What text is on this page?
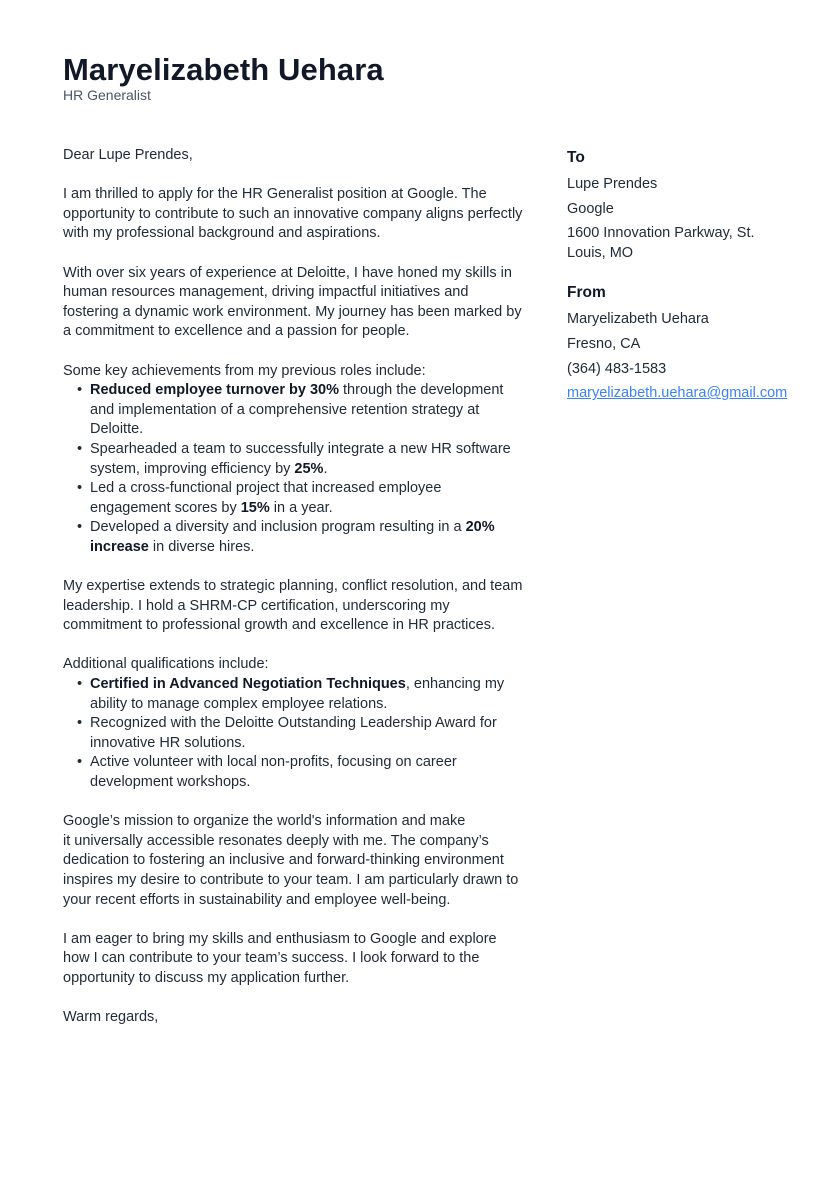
Maryelizabeth Uehara
HR Generalist

Dear Lupe Prendes,

I am thrilled to apply for the HR Generalist position at Google. The opportunity to contribute to such an innovative company aligns perfectly with my professional background and aspirations.

With over six years of experience at Deloitte, I have honed my skills in human resources management, driving impactful initiatives and fostering a dynamic work environment. My journey has been marked by a commitment to excellence and a passion for people.

Some key achievements from my previous roles include:
• Reduced employee turnover by 30% through the development and implementation of a comprehensive retention strategy at Deloitte.
• Spearheaded a team to successfully integrate a new HR software system, improving efficiency by 25%.
• Led a cross-functional project that increased employee engagement scores by 15% in a year.
• Developed a diversity and inclusion program resulting in a 20% increase in diverse hires.

My expertise extends to strategic planning, conflict resolution, and team leadership. I hold a SHRM-CP certification, underscoring my commitment to professional growth and excellence in HR practices.

Additional qualifications include:
• Certified in Advanced Negotiation Techniques, enhancing my ability to manage complex employee relations.
• Recognized with the Deloitte Outstanding Leadership Award for innovative HR solutions.
• Active volunteer with local non-profits, focusing on career development workshops.

Google’s mission to organize the world's information and make
it universally accessible resonates deeply with me. The company’s dedication to fostering an inclusive and forward-thinking environment inspires my desire to contribute to your team. I am particularly drawn to your recent efforts in sustainability and employee well-being.

I am eager to bring my skills and enthusiasm to Google and explore how I can contribute to your team’s success. I look forward to the opportunity to discuss my application further.

Warm regards,

To
Lupe Prendes
Google
1600 Innovation Parkway, St. Louis, MO
From
Maryelizabeth Uehara
Fresno, CA
(364) 483-1583
maryelizabeth.uehara@gmail.com
